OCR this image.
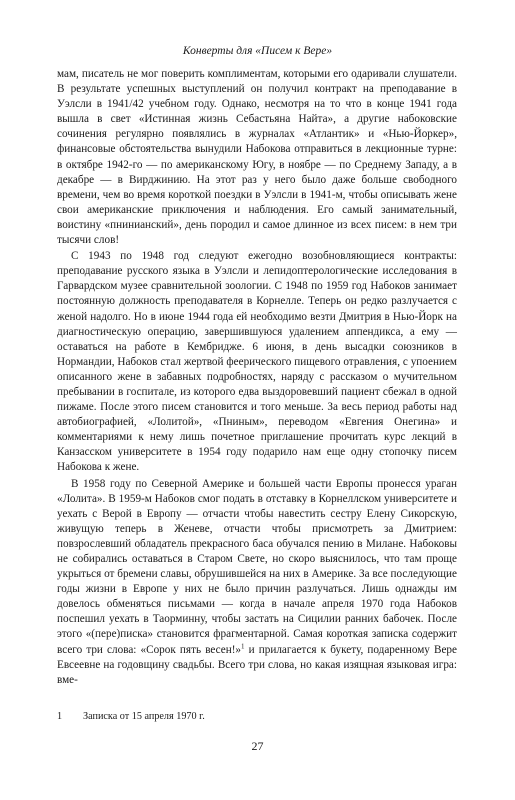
Конверты для «Писем к Вере»

мам, писатель не мог поверить комплиментам, которыми его одаривали слушатели. В результате успешных выступлений он получил контракт на преподавание в Уэлсли в 1941/42 учебном году. Однако, несмотря на то что в конце 1941 года вышла в свет «Истинная жизнь Себастьяна Найта», а другие набоковские сочинения регулярно появлялись в журналах «Атлантик» и «Нью-Йоркер», финансовые обстоятельства вынудили Набокова отправиться в лекционные турне: в октябре 1942-го — по американскому Югу, в ноябре — по Среднему Западу, а в декабре — в Вирджинию. На этот раз у него было даже больше свободного времени, чем во время короткой поездки в Уэлсли в 1941-м, чтобы описывать жене свои американские приключения и наблюдения. Его самый занимательный, воистину «пнинианский», день породил и самое длинное из всех писем: в нем три тысячи слов!

С 1943 по 1948 год следуют ежегодно возобновляющиеся контракты: преподавание русского языка в Уэлсли и лепидоптерологические исследования в Гарвардском музее сравнительной зоологии. С 1948 по 1959 год Набоков занимает постоянную должность преподавателя в Корнелле. Теперь он редко разлучается с женой надолго. Но в июне 1944 года ей необходимо везти Дмитрия в Нью-Йорк на диагностическую операцию, завершившуюся удалением аппендикса, а ему — оставаться на работе в Кембридже. 6 июня, в день высадки союзников в Нормандии, Набоков стал жертвой феерического пищевого отравления, с упоением описанного жене в забавных подробностях, наряду с рассказом о мучительном пребывании в госпитале, из которого едва выздоровевший пациент сбежал в одной пижаме. После этого писем становится и того меньше. За весь период работы над автобиографией, «Лолитой», «Пниным», переводом «Евгения Онегина» и комментариями к нему лишь почетное приглашение прочитать курс лекций в Канзасском университете в 1954 году подарило нам еще одну стопочку писем Набокова к жене.

В 1958 году по Северной Америке и большей части Европы пронесся ураган «Лолита». В 1959-м Набоков смог подать в отставку в Корнеллском университете и уехать с Верой в Европу — отчасти чтобы навестить сестру Елену Сикорскую, живущую теперь в Женеве, отчасти чтобы присмотреть за Дмитрием: повзрослевший обладатель прекрасного баса обучался пению в Милане. Набоковы не собирались оставаться в Старом Свете, но скоро выяснилось, что там проще укрыться от бремени славы, обрушившейся на них в Америке. За все последующие годы жизни в Европе у них не было причин разлучаться. Лишь однажды им довелось обменяться письмами — когда в начале апреля 1970 года Набоков поспешил уехать в Таорминну, чтобы застать на Сицилии ранних бабочек. После этого «(пере)писка» становится фрагментарной. Самая короткая записка содержит всего три слова: «Сорок пять весен!»$^1$ и прилагается к букету, подаренному Вере Евсеевне на годовщину свадьбы. Всего три слова, но какая изящная языковая игра: вме-

1 Записка от 15 апреля 1970 г.
27
